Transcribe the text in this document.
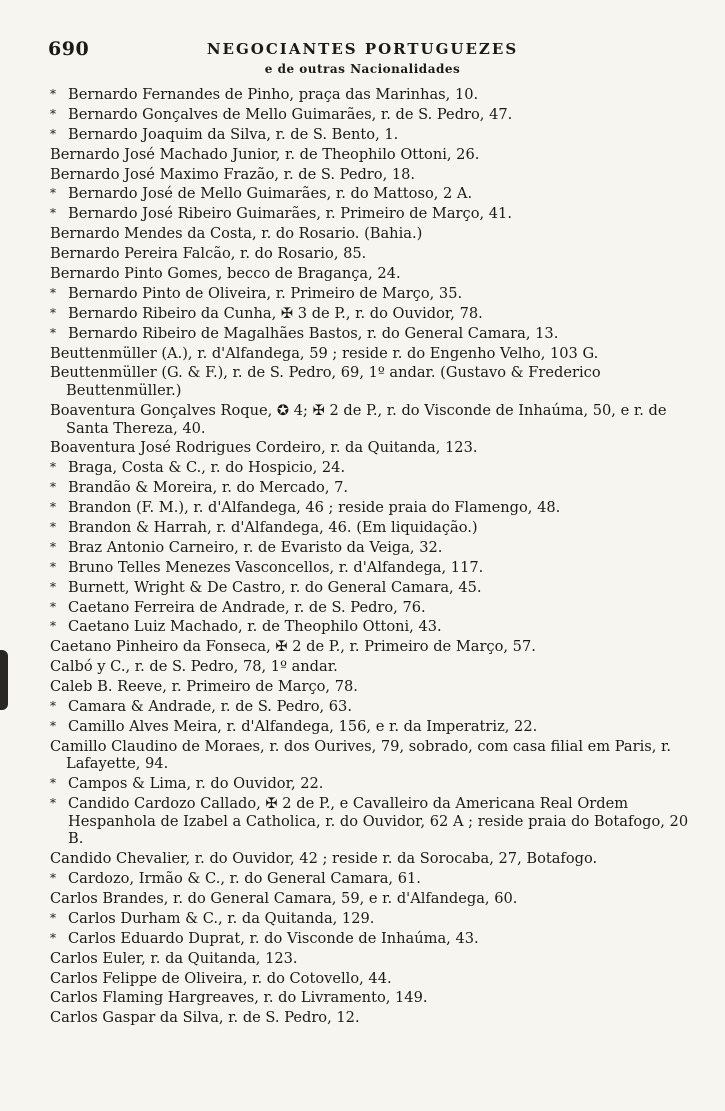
690	NEGOCIANTES PORTUGUEZES
e de outras Nacionalidades
* Bernardo Fernandes de Pinho, praça das Marinhas, 10.
* Bernardo Gonçalves de Mello Guimarães, r. de S. Pedro, 47.
* Bernardo Joaquim da Silva, r. de S. Bento, 1.
Bernardo José Machado Junior, r. de Theophilo Ottoni, 26.
Bernardo José Maximo Frazão, r. de S. Pedro, 18.
* Bernardo José de Mello Guimarães, r. do Mattoso, 2 A.
* Bernardo José Ribeiro Guimarães, r. Primeiro de Março, 41.
Bernardo Mendes da Costa, r. do Rosario. (Bahia.)
Bernardo Pereira Falcão, r. do Rosario, 85.
Bernardo Pinto Gomes, becco de Bragança, 24.
* Bernardo Pinto de Oliveira, r. Primeiro de Março, 35.
* Bernardo Ribeiro da Cunha, ✠ 3 de P., r. do Ouvidor, 78.
* Bernardo Ribeiro de Magalhães Bastos, r. do General Camara, 13.
Beuttenmüller (A.), r. d'Alfandega, 59 ; reside r. do Engenho Velho, 103 G.
Beuttenmüller (G. & F.), r. de S. Pedro, 69, 1º andar. (Gustavo & Frederico Beuttenmüller.)
Boaventura Gonçalves Roque, ✪ 4; ✠ 2 de P., r. do Visconde de Inhaúma, 50, e r. de Santa Thereza, 40.
Boaventura José Rodrigues Cordeiro, r. da Quitanda, 123.
* Braga, Costa & C., r. do Hospicio, 24.
* Brandão & Moreira, r. do Mercado, 7.
* Brandon (F. M.), r. d'Alfandega, 46 ; reside praia do Flamengo, 48.
* Brandon & Harrah, r. d'Alfandega, 46. (Em liquidação.)
* Braz Antonio Carneiro, r. de Evaristo da Veiga, 32.
* Bruno Telles Menezes Vasconcellos, r. d'Alfandega, 117.
* Burnett, Wright & De Castro, r. do General Camara, 45.
* Caetano Ferreira de Andrade, r. de S. Pedro, 76.
* Caetano Luiz Machado, r. de Theophilo Ottoni, 43.
Caetano Pinheiro da Fonseca, ✠ 2 de P., r. Primeiro de Março, 57.
Calbó y C., r. de S. Pedro, 78, 1º andar.
Caleb B. Reeve, r. Primeiro de Março, 78.
* Camara & Andrade, r. de S. Pedro, 63.
* Camillo Alves Meira, r. d'Alfandega, 156, e r. da Imperatriz, 22.
Camillo Claudino de Moraes, r. dos Ourives, 79, sobrado, com casa filial em Paris, r. Lafayette, 94.
* Campos & Lima, r. do Ouvidor, 22.
* Candido Cardozo Callado, ✠ 2 de P., e Cavalleiro da Americana Real Ordem Hespanhola de Izabel a Catholica, r. do Ouvidor, 62 A ; reside praia do Botafogo, 20 B.
Candido Chevalier, r. do Ouvidor, 42 ; reside r. da Sorocaba, 27, Botafogo.
* Cardozo, Irmão & C., r. do General Camara, 61.
Carlos Brandes, r. do General Camara, 59, e r. d'Alfandega, 60.
* Carlos Durham & C., r. da Quitanda, 129.
* Carlos Eduardo Duprat, r. do Visconde de Inhaúma, 43.
Carlos Euler, r. da Quitanda, 123.
Carlos Felippe de Oliveira, r. do Cotovello, 44.
Carlos Flaming Hargreaves, r. do Livramento, 149.
Carlos Gaspar da Silva, r. de S. Pedro, 12.
